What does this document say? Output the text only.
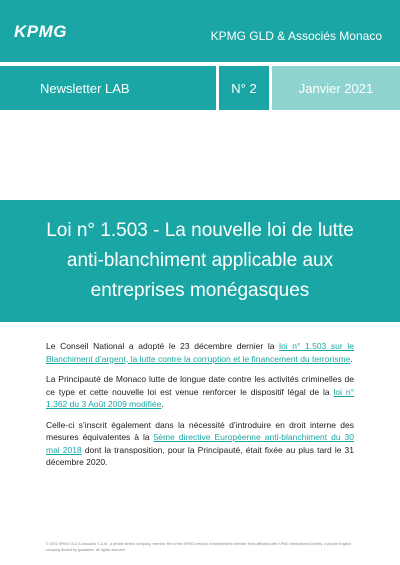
KPMG	KPMG GLD & Associés Monaco
Newsletter LAB	N° 2	Janvier 2021
Loi n° 1.503 - La nouvelle loi de lutte anti-blanchiment applicable aux entreprises monégasques

Le Conseil National a adopté le 23 décembre dernier la loi n° 1.503 sur le Blanchiment d’argent, la lutte contre la corruption et le financement du terrorisme.

La Principauté de Monaco lutte de longue date contre les activités criminelles de ce type et cette nouvelle loi est venue renforcer le dispositif légal de la loi n° 1.362 du 3 Août 2009 modifiée.

Celle-ci s’inscrit également dans la nécessité d’introduire en droit interne des mesures équivalentes à la 5ème directive Européenne anti-blanchiment du 30 mai 2018 dont la transposition, pour la Principauté, était fixée au plus tard le 31 décembre 2020.

© 2021 KPMG GLD & Associés S.A.M., a private limited company, member firm of the KPMG network of independent member firms affiliated with KPMG International Limited, a private English company limited by guarantee. All rights reserved.
